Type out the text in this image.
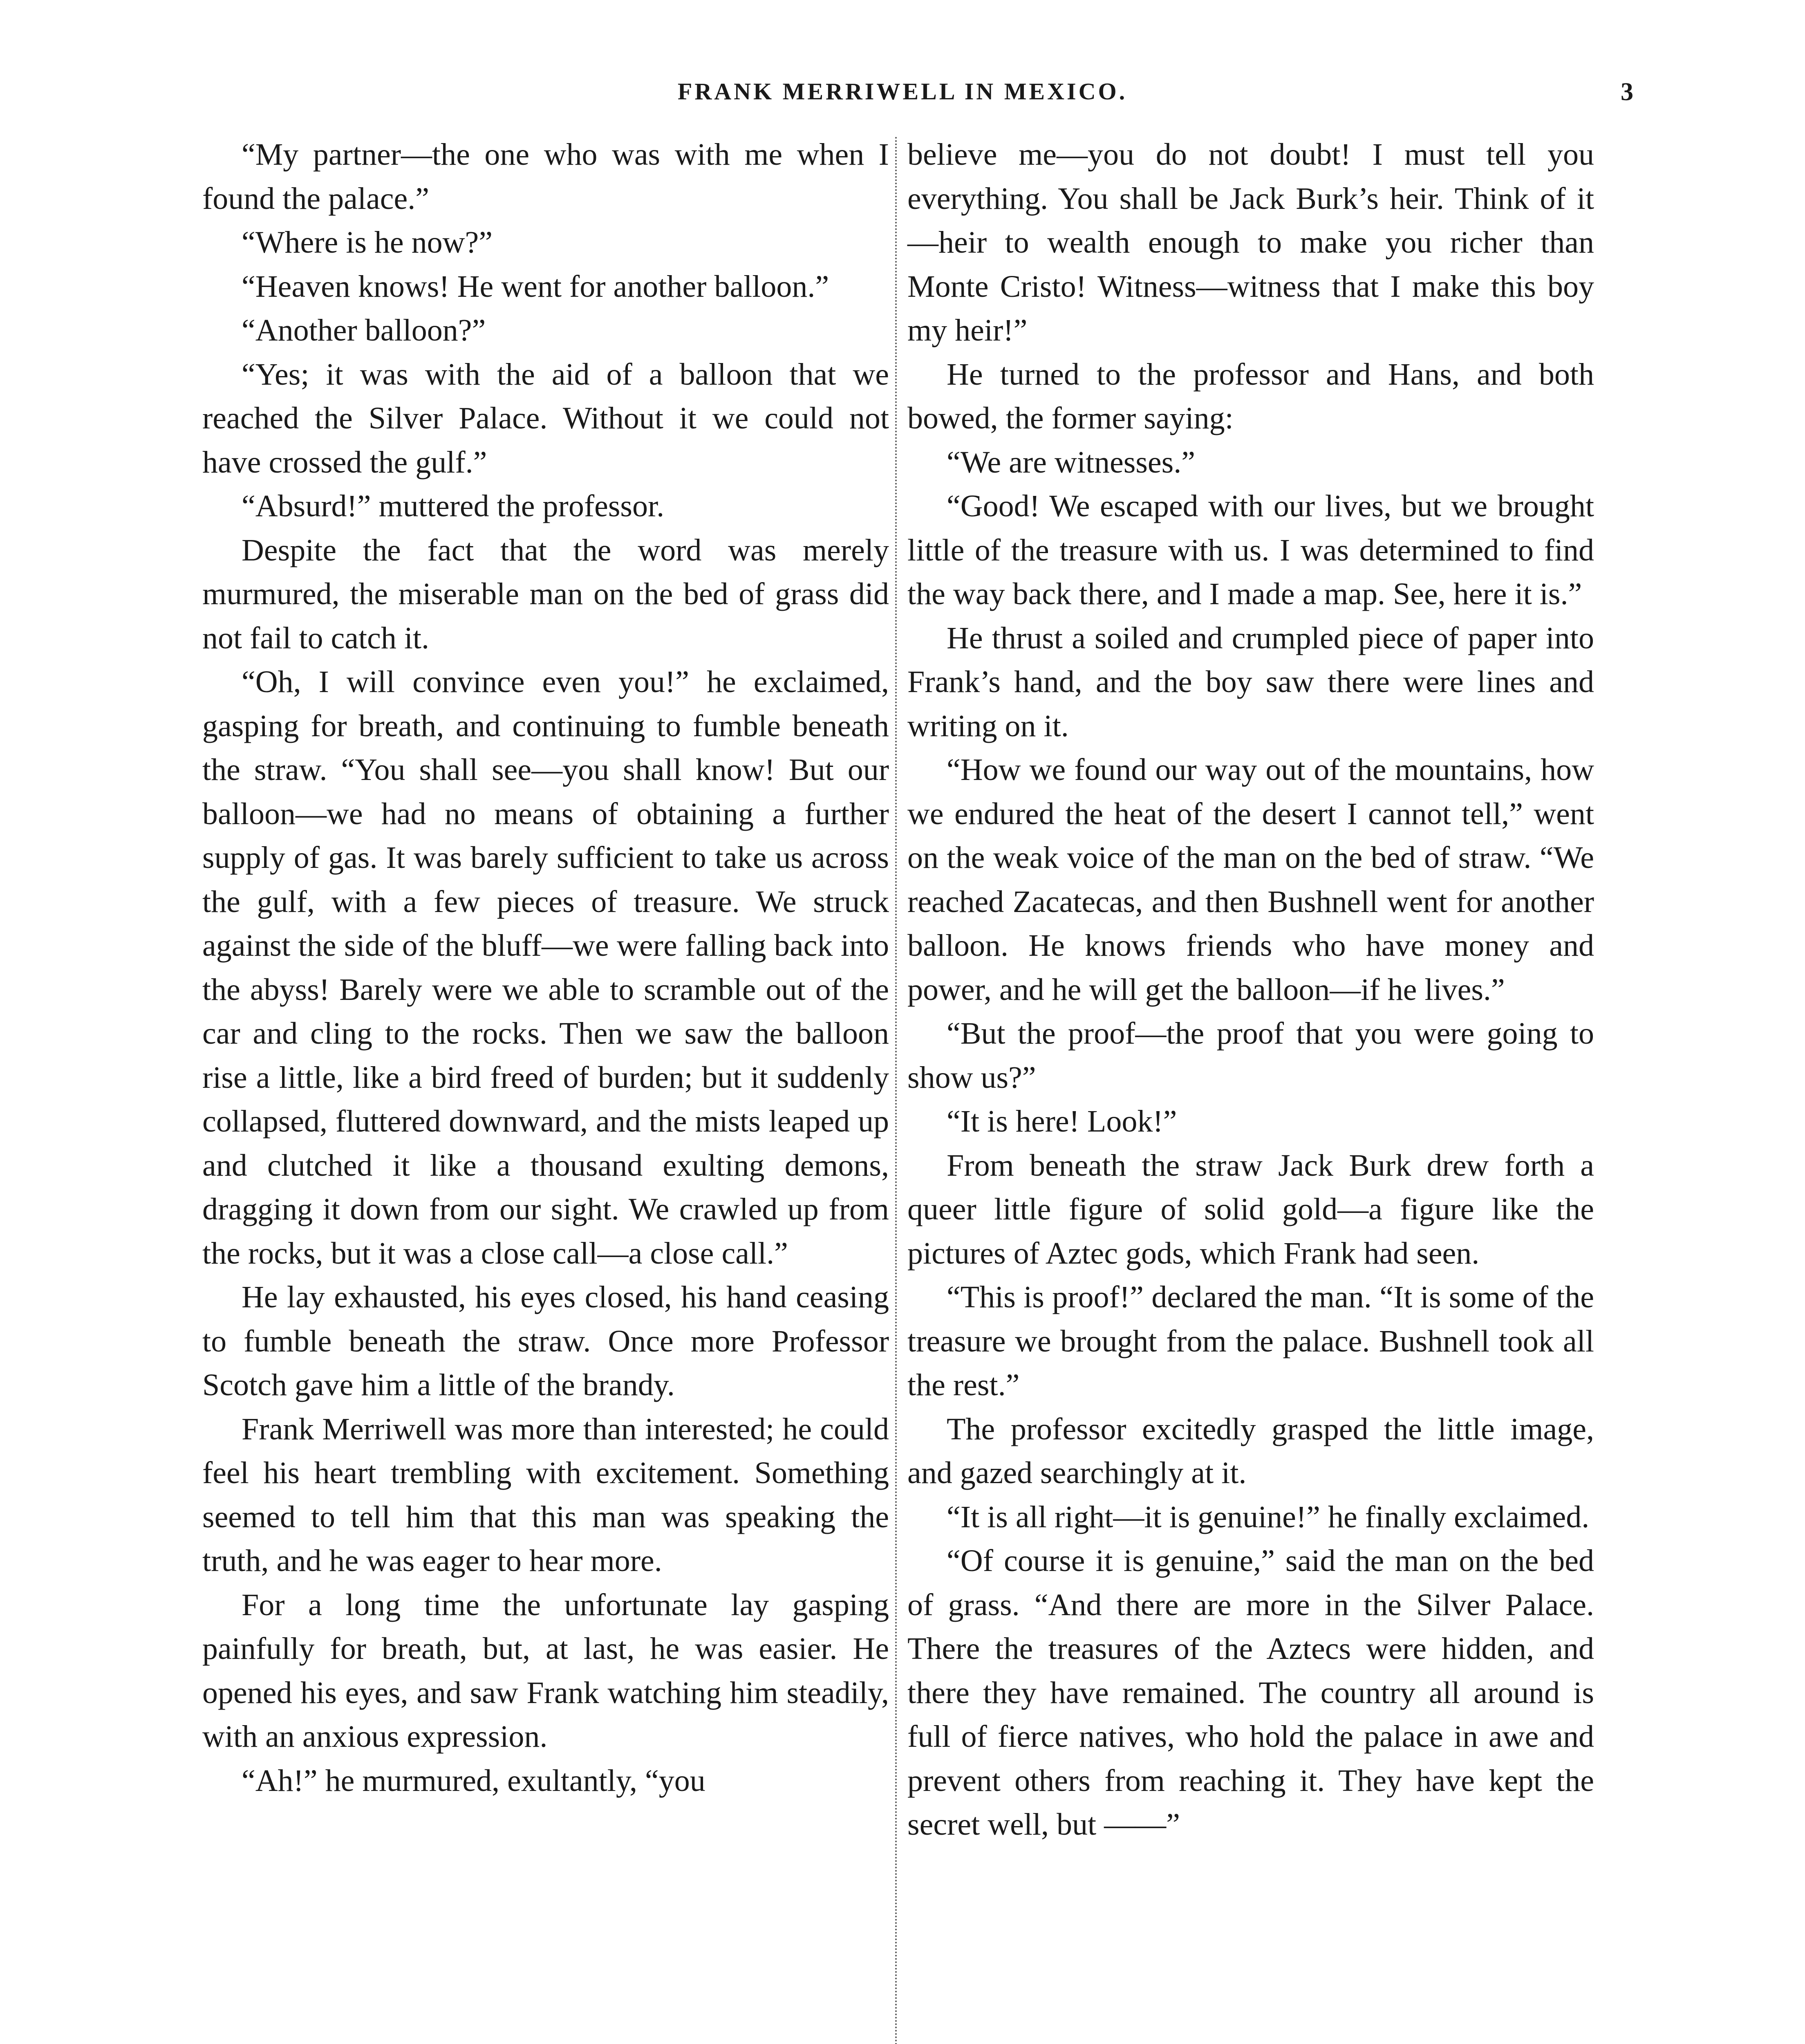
FRANK MERRIWELL IN MEXICO.	3

“My partner—the one who was with me when I found the palace.”

“Where is he now?”

“Heaven knows! He went for another balloon.”

“Another balloon?”

“Yes; it was with the aid of a balloon that we reached the Silver Palace. Without it we could not have crossed the gulf.”

“Absurd!” muttered the professor.

Despite the fact that the word was merely murmured, the miserable man on the bed of grass did not fail to catch it.

“Oh, I will convince even you!” he exclaimed, gasping for breath, and continuing to fumble beneath the straw. “You shall see—you shall know! But our balloon—we had no means of obtaining a further supply of gas. It was barely sufficient to take us across the gulf, with a few pieces of treasure. We struck against the side of the bluff—we were falling back into the abyss! Barely were we able to scramble out of the car and cling to the rocks. Then we saw the balloon rise a little, like a bird freed of burden; but it suddenly collapsed, fluttered downward, and the mists leaped up and clutched it like a thousand exulting demons, dragging it down from our sight. We crawled up from the rocks, but it was a close call—a close call.”

He lay exhausted, his eyes closed, his hand ceasing to fumble beneath the straw. Once more Professor Scotch gave him a little of the brandy.

Frank Merriwell was more than interested; he could feel his heart trembling with excitement. Something seemed to tell him that this man was speaking the truth, and he was eager to hear more.

For a long time the unfortunate lay gasping painfully for breath, but, at last, he was easier. He opened his eyes, and saw Frank watching him steadily, with an anxious expression.

“Ah!” he murmured, exultantly, “you

believe me—you do not doubt! I must tell you everything. You shall be Jack Burk’s heir. Think of it—heir to wealth enough to make you richer than Monte Cristo! Witness—witness that I make this boy my heir!”

He turned to the professor and Hans, and both bowed, the former saying:

“We are witnesses.”

“Good! We escaped with our lives, but we brought little of the treasure with us. I was determined to find the way back there, and I made a map. See, here it is.”

He thrust a soiled and crumpled piece of paper into Frank’s hand, and the boy saw there were lines and writing on it.

“How we found our way out of the mountains, how we endured the heat of the desert I cannot tell,” went on the weak voice of the man on the bed of straw. “We reached Zacatecas, and then Bushnell went for another balloon. He knows friends who have money and power, and he will get the balloon—if he lives.”

“But the proof—the proof that you were going to show us?”

“It is here! Look!”

From beneath the straw Jack Burk drew forth a queer little figure of solid gold—a figure like the pictures of Aztec gods, which Frank had seen.

“This is proof!” declared the man. “It is some of the treasure we brought from the palace. Bushnell took all the rest.”

The professor excitedly grasped the little image, and gazed searchingly at it.

“It is all right—it is genuine!” he finally exclaimed.

“Of course it is genuine,” said the man on the bed of grass. “And there are more in the Silver Palace. There the treasures of the Aztecs were hidden, and there they have remained. The country all around is full of fierce natives, who hold the palace in awe and prevent others from reaching it. They have kept the secret well, but ——”
